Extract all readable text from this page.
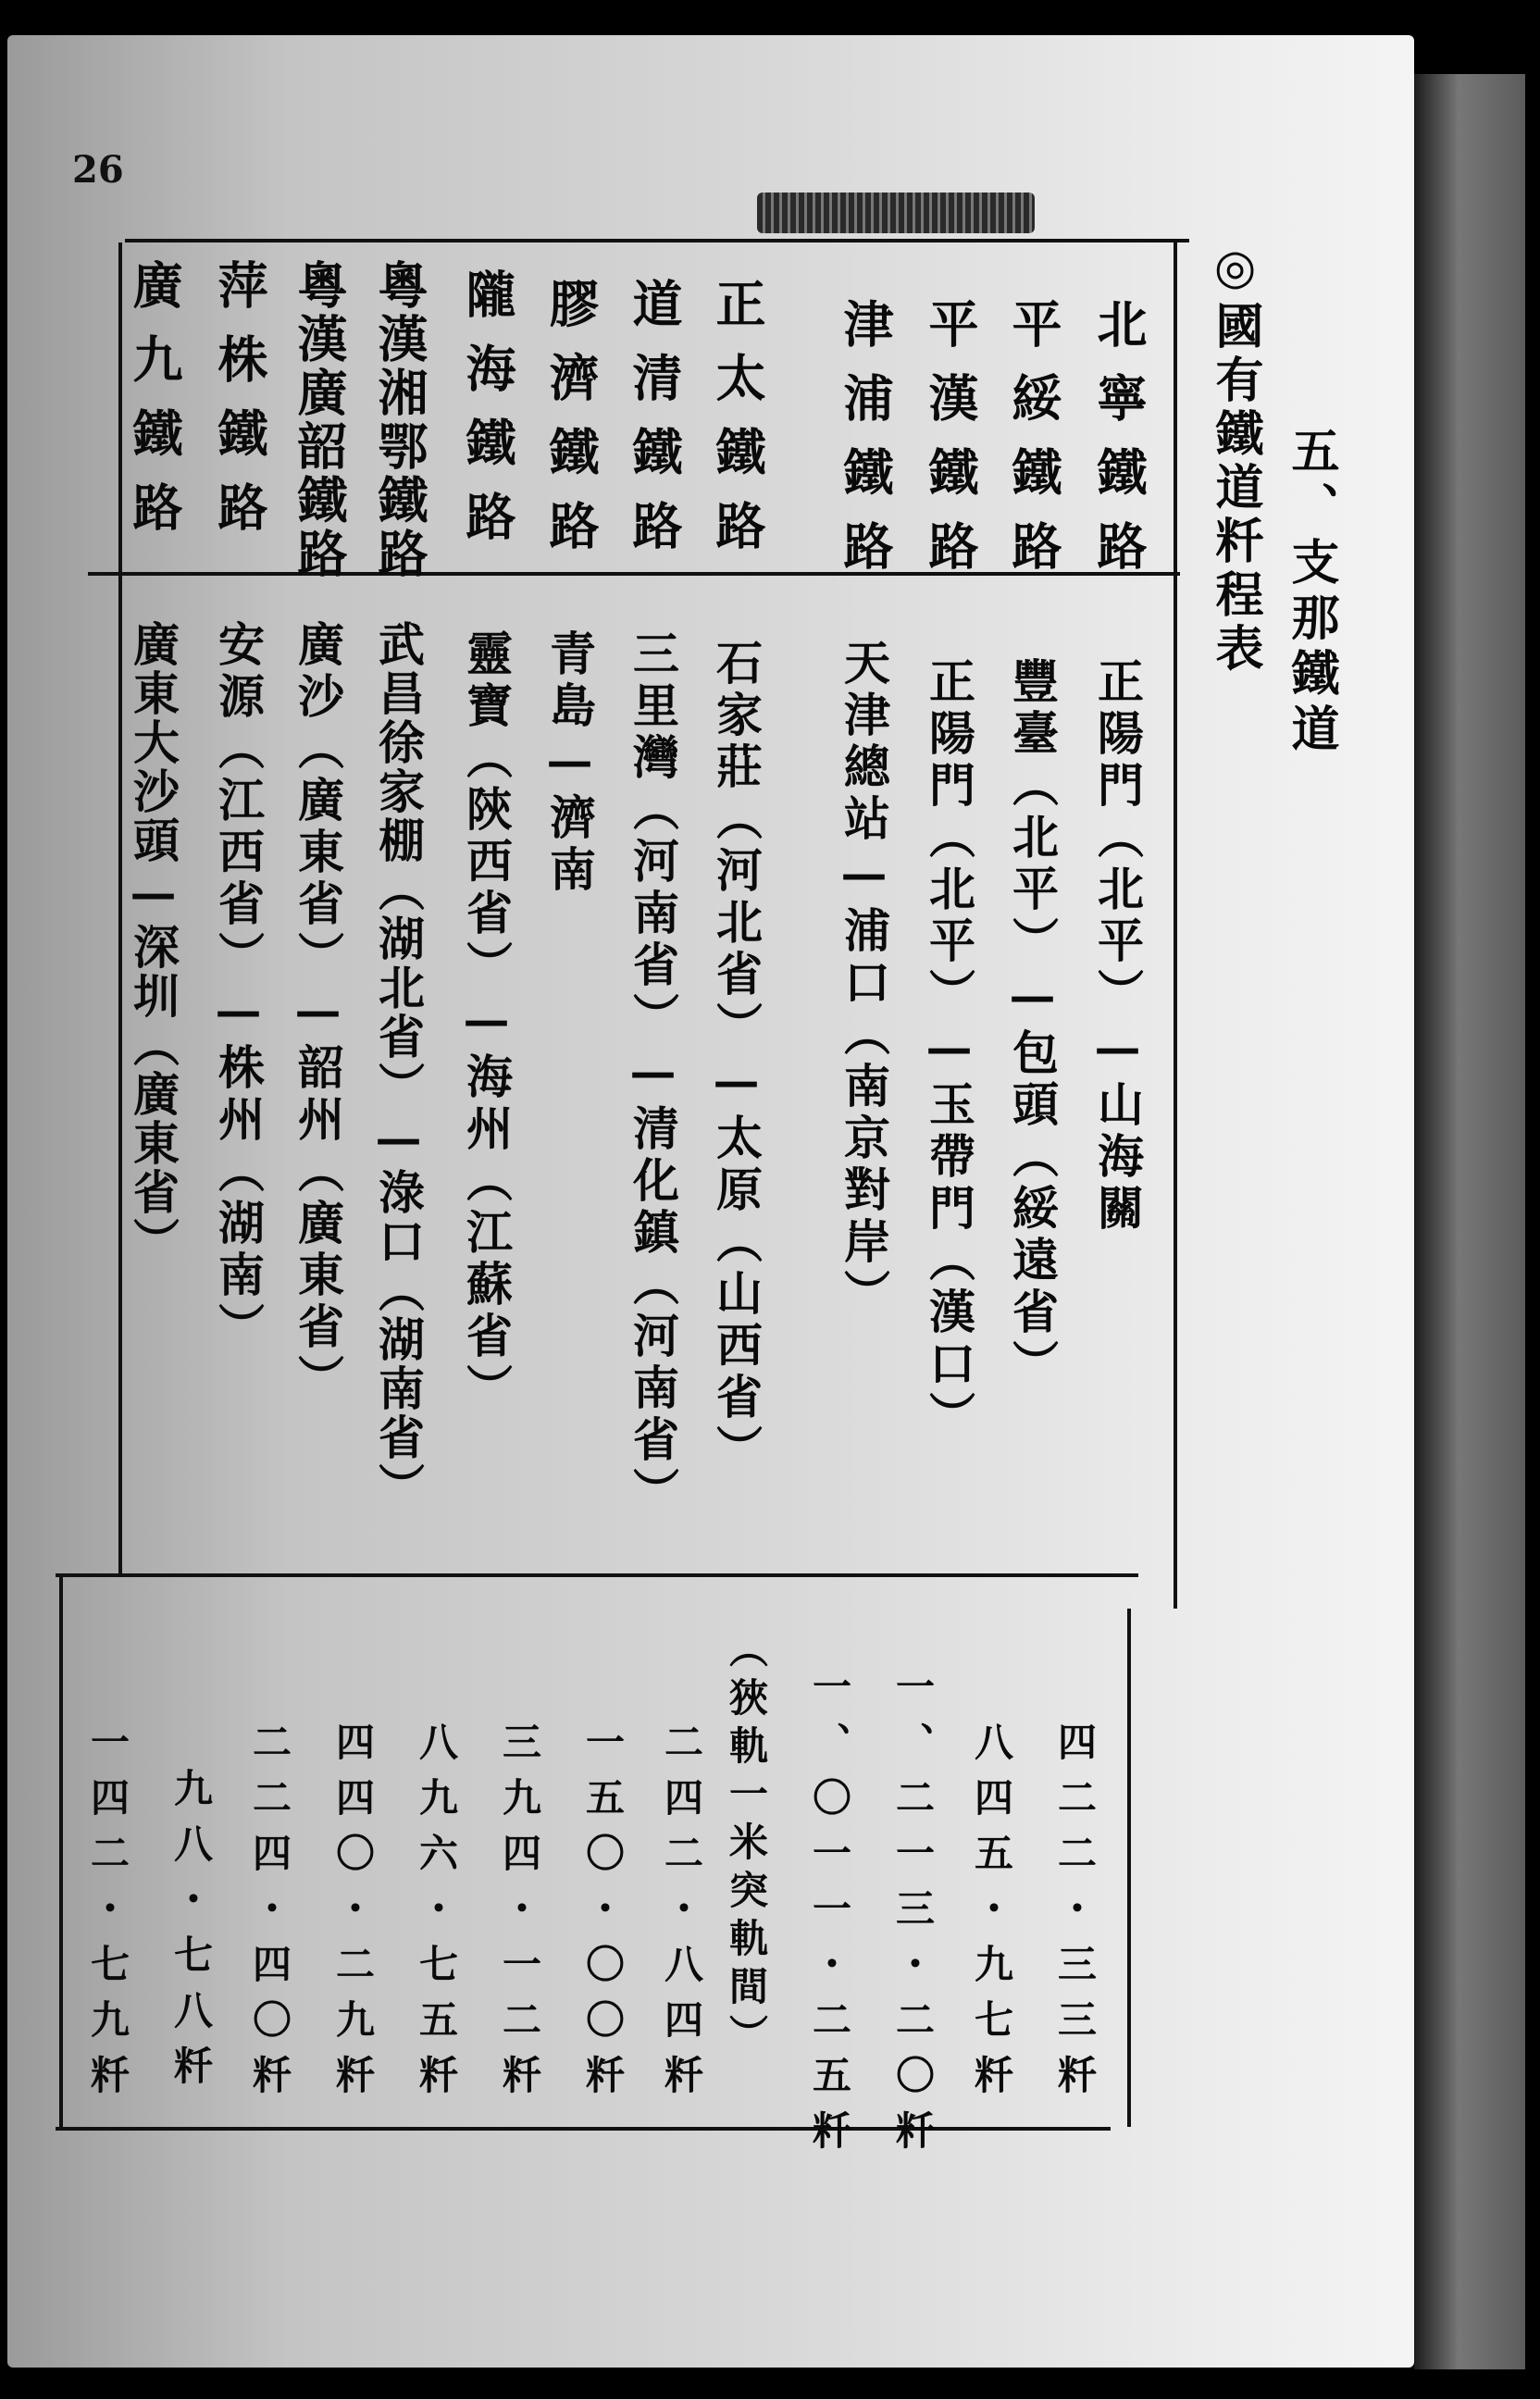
26
五、支那鐵道
◎國有鐵道粁程表
北寧鐵路
平綏鐵路
平漢鐵路
津浦鐵路
正太鐵路
道清鐵路
膠濟鐵路
隴海鐵路
粵漢湘鄂鐵路
粵漢廣韶鐵路
萍株鐵路
廣九鐵路
正陽門（北平）—山海關
豐臺（北平）—包頭（綏遠省）
正陽門（北平）—玉帶門（漢口）
天津總站—浦口（南京對岸）
石家莊（河北省）—太原（山西省）
三里灣（河南省）—清化鎮（河南省）
青島—濟南
靈寶（陝西省）—海州（江蘇省）
武昌徐家棚（湖北省）—淥口（湖南省）
廣沙（廣東省）—韶州（廣東省）
安源（江西省）—株州（湖南）
廣東大沙頭—深圳（廣東省）
四二二・三三粁
八四五・九七粁
一、二一三・二〇粁
一、〇一一・二五粁
（狹軌一米突軌間）
二四二・八四粁
一五〇・〇〇粁
三九四・一二粁
八九六・七五粁
四四〇・二九粁
二二四・四〇粁
九八・七八粁
一四二・七九粁
